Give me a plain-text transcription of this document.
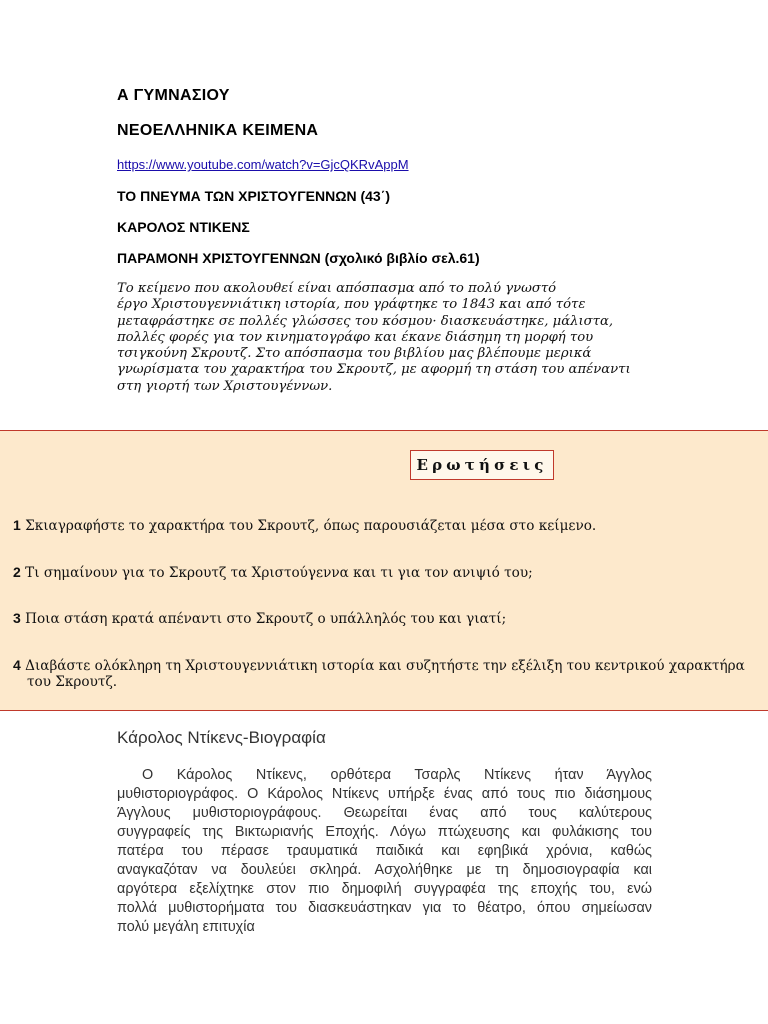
Α ΓΥΜΝΑΣΙΟΥ
ΝΕΟΕΛΛΗΝΙΚΑ ΚΕΙΜΕΝΑ
https://www.youtube.com/watch?v=GjcQKRvAppM
ΤΟ ΠΝΕΥΜΑ ΤΩΝ ΧΡΙΣΤΟΥΓΕΝΝΩΝ (43΄)
ΚΑΡΟΛΟΣ ΝΤΙΚΕΝΣ
ΠΑΡΑΜΟΝΗ ΧΡΙΣΤΟΥΓΕΝΝΩΝ (σχολικό βιβλίο σελ.61)
Το κείμενο που ακολουθεί είναι απόσπασμα από το πολύ γνωστό
έργο Χριστουγεννιάτικη ιστορία, που γράφτηκε το 1843 και από τότε
μεταφράστηκε σε πολλές γλώσσες του κόσμου· διασκευάστηκε, μάλιστα,
πολλές φορές για τον κινηματογράφο και έκανε διάσημη τη μορφή του
τσιγκούνη Σκρουτζ. Στο απόσπασμα του βιβλίου μας βλέπουμε μερικά
γνωρίσματα του χαρακτήρα του Σκρουτζ, με αφορμή τη στάση του απέναντι
στη γιορτή των Χριστουγέννων.
Ερωτήσεις
1 Σκιαγραφήστε το χαρακτήρα του Σκρουτζ, όπως παρουσιάζεται μέσα στο κείμενο.
2 Τι σημαίνουν για το Σκρουτζ τα Χριστούγεννα και τι για τον ανιψιό του;
3 Ποια στάση κρατά απέναντι στο Σκρουτζ ο υπάλληλός του και γιατί;
4 Διαβάστε ολόκληρη τη Χριστουγεννιάτικη ιστορία και συζητήστε την εξέλιξη του κεντρικού χαρακτήρα
του Σκρουτζ.
Κάρολος Ντίκενς-Βιογραφία
Ο Κάρολος Ντίκενς, ορθότερα Τσαρλς Ντίκενς ήταν Άγγλος
μυθιστοριογράφος. Ο Κάρολος Ντίκενς υπήρξε ένας από τους πιο διάσημους
Άγγλους μυθιστοριογράφους. Θεωρείται ένας από τους καλύτερους
συγγραφείς της Βικτωριανής Εποχής. Λόγω πτώχευσης και φυλάκισης του
πατέρα του πέρασε τραυματικά παιδικά και εφηβικά χρόνια, καθώς
αναγκαζόταν να δουλεύει σκληρά. Ασχολήθηκε με τη δημοσιογραφία και
αργότερα εξελίχτηκε στον πιο δημοφιλή συγγραφέα της εποχής του, ενώ
πολλά μυθιστορήματα του διασκευάστηκαν για το θέατρο, όπου σημείωσαν
πολύ μεγάλη επιτυχία
